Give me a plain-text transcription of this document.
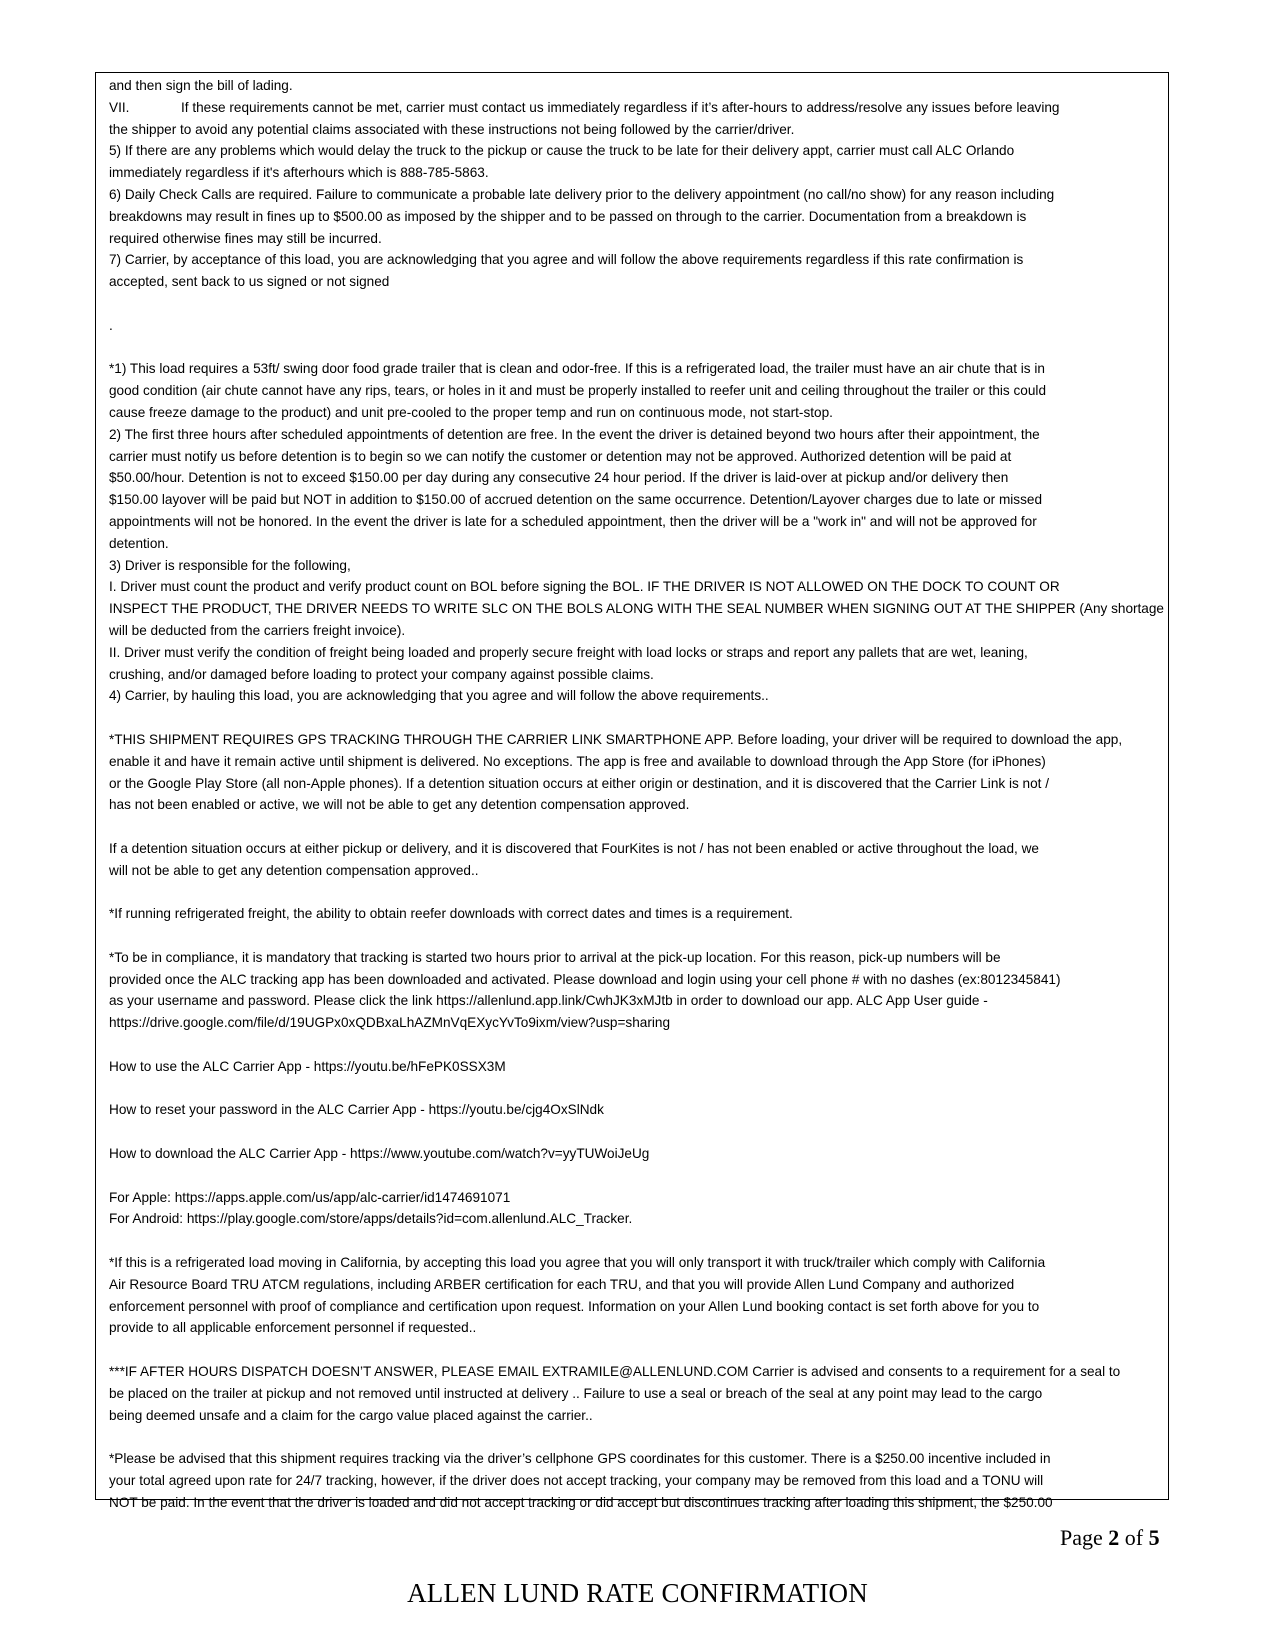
and then sign the bill of lading.
VII.	If these requirements cannot be met, carrier must contact us immediately regardless if it’s after-hours to address/resolve any issues before leaving
the shipper to avoid any potential claims associated with these instructions not being followed by the carrier/driver.
5) If there are any problems which would delay the truck to the pickup or cause the truck to be late for their delivery appt, carrier must call ALC Orlando
immediately regardless if it's afterhours which is 888-785-5863.
6) Daily Check Calls are required. Failure to communicate a probable late delivery prior to the delivery appointment (no call/no show) for any reason including
breakdowns may result in fines up to $500.00 as imposed by the shipper and to be passed on through to the carrier. Documentation from a breakdown is
required otherwise fines may still be incurred.
7) Carrier, by acceptance of this load, you are acknowledging that you agree and will follow the above requirements regardless if this rate confirmation is
accepted, sent back to us signed or not signed
.
*1) This load requires a 53ft/ swing door food grade trailer that is clean and odor-free. If this is a refrigerated load, the trailer must have an air chute that is in
good condition (air chute cannot have any rips, tears, or holes in it and must be properly installed to reefer unit and ceiling throughout the trailer or this could
cause freeze damage to the product) and unit pre-cooled to the proper temp and run on continuous mode, not start-stop.
2) The first three hours after scheduled appointments of detention are free. In the event the driver is detained beyond two hours after their appointment, the
carrier must notify us before detention is to begin so we can notify the customer or detention may not be approved. Authorized detention will be paid at
$50.00/hour. Detention is not to exceed $150.00 per day during any consecutive 24 hour period. If the driver is laid-over at pickup and/or delivery then
$150.00 layover will be paid but NOT in addition to $150.00 of accrued detention on the same occurrence. Detention/Layover charges due to late or missed
appointments will not be honored. In the event the driver is late for a scheduled appointment, then the driver will be a "work in" and will not be approved for
detention.
3) Driver is responsible for the following,
I. Driver must count the product and verify product count on BOL before signing the BOL. IF THE DRIVER IS NOT ALLOWED ON THE DOCK TO COUNT OR
INSPECT THE PRODUCT, THE DRIVER NEEDS TO WRITE SLC ON THE BOLS ALONG WITH THE SEAL NUMBER WHEN SIGNING OUT AT THE SHIPPER (Any shortage
will be deducted from the carriers freight invoice).
II. Driver must verify the condition of freight being loaded and properly secure freight with load locks or straps and report any pallets that are wet, leaning,
crushing, and/or damaged before loading to protect your company against possible claims.
4) Carrier, by hauling this load, you are acknowledging that you agree and will follow the above requirements..
*THIS SHIPMENT REQUIRES GPS TRACKING THROUGH THE CARRIER LINK SMARTPHONE APP. Before loading, your driver will be required to download the app,
enable it and have it remain active until shipment is delivered. No exceptions. The app is free and available to download through the App Store (for iPhones)
or the Google Play Store (all non-Apple phones). If a detention situation occurs at either origin or destination, and it is discovered that the Carrier Link is not /
has not been enabled or active, we will not be able to get any detention compensation approved.
If a detention situation occurs at either pickup or delivery, and it is discovered that FourKites is not / has not been enabled or active throughout the load, we
will not be able to get any detention compensation approved..
*If running refrigerated freight, the ability to obtain reefer downloads with correct dates and times is a requirement.
*To be in compliance, it is mandatory that tracking is started two hours prior to arrival at the pick-up location. For this reason, pick-up numbers will be
provided once the ALC tracking app has been downloaded and activated. Please download and login using your cell phone # with no dashes (ex:8012345841)
as your username and password. Please click the link https://allenlund.app.link/CwhJK3xMJtb in order to download our app. ALC App User guide -
https://drive.google.com/file/d/19UGPx0xQDBxaLhAZMnVqEXycYvTo9ixm/view?usp=sharing
How to use the ALC Carrier App - https://youtu.be/hFePK0SSX3M
How to reset your password in the ALC Carrier App - https://youtu.be/cjg4OxSlNdk
How to download the ALC Carrier App - https://www.youtube.com/watch?v=yyTUWoiJeUg
For Apple: https://apps.apple.com/us/app/alc-carrier/id1474691071
For Android: https://play.google.com/store/apps/details?id=com.allenlund.ALC_Tracker.
*If this is a refrigerated load moving in California, by accepting this load you agree that you will only transport it with truck/trailer which comply with California
Air Resource Board TRU ATCM regulations, including ARBER certification for each TRU, and that you will provide Allen Lund Company and authorized
enforcement personnel with proof of compliance and certification upon request. Information on your Allen Lund booking contact is set forth above for you to
provide to all applicable enforcement personnel if requested..
***IF AFTER HOURS DISPATCH DOESN’T ANSWER, PLEASE EMAIL EXTRAMILE@ALLENLUND.COM Carrier is advised and consents to a requirement for a seal to
be placed on the trailer at pickup and not removed until instructed at delivery .. Failure to use a seal or breach of the seal at any point may lead to the cargo
being deemed unsafe and a claim for the cargo value placed against the carrier..
*Please be advised that this shipment requires tracking via the driver’s cellphone GPS coordinates for this customer. There is a $250.00 incentive included in
your total agreed upon rate for 24/7 tracking, however, if the driver does not accept tracking, your company may be removed from this load and a TONU will
NOT be paid. In the event that the driver is loaded and did not accept tracking or did accept but discontinues tracking after loading this shipment, the $250.00
Page 2 of 5
ALLEN LUND RATE CONFIRMATION
